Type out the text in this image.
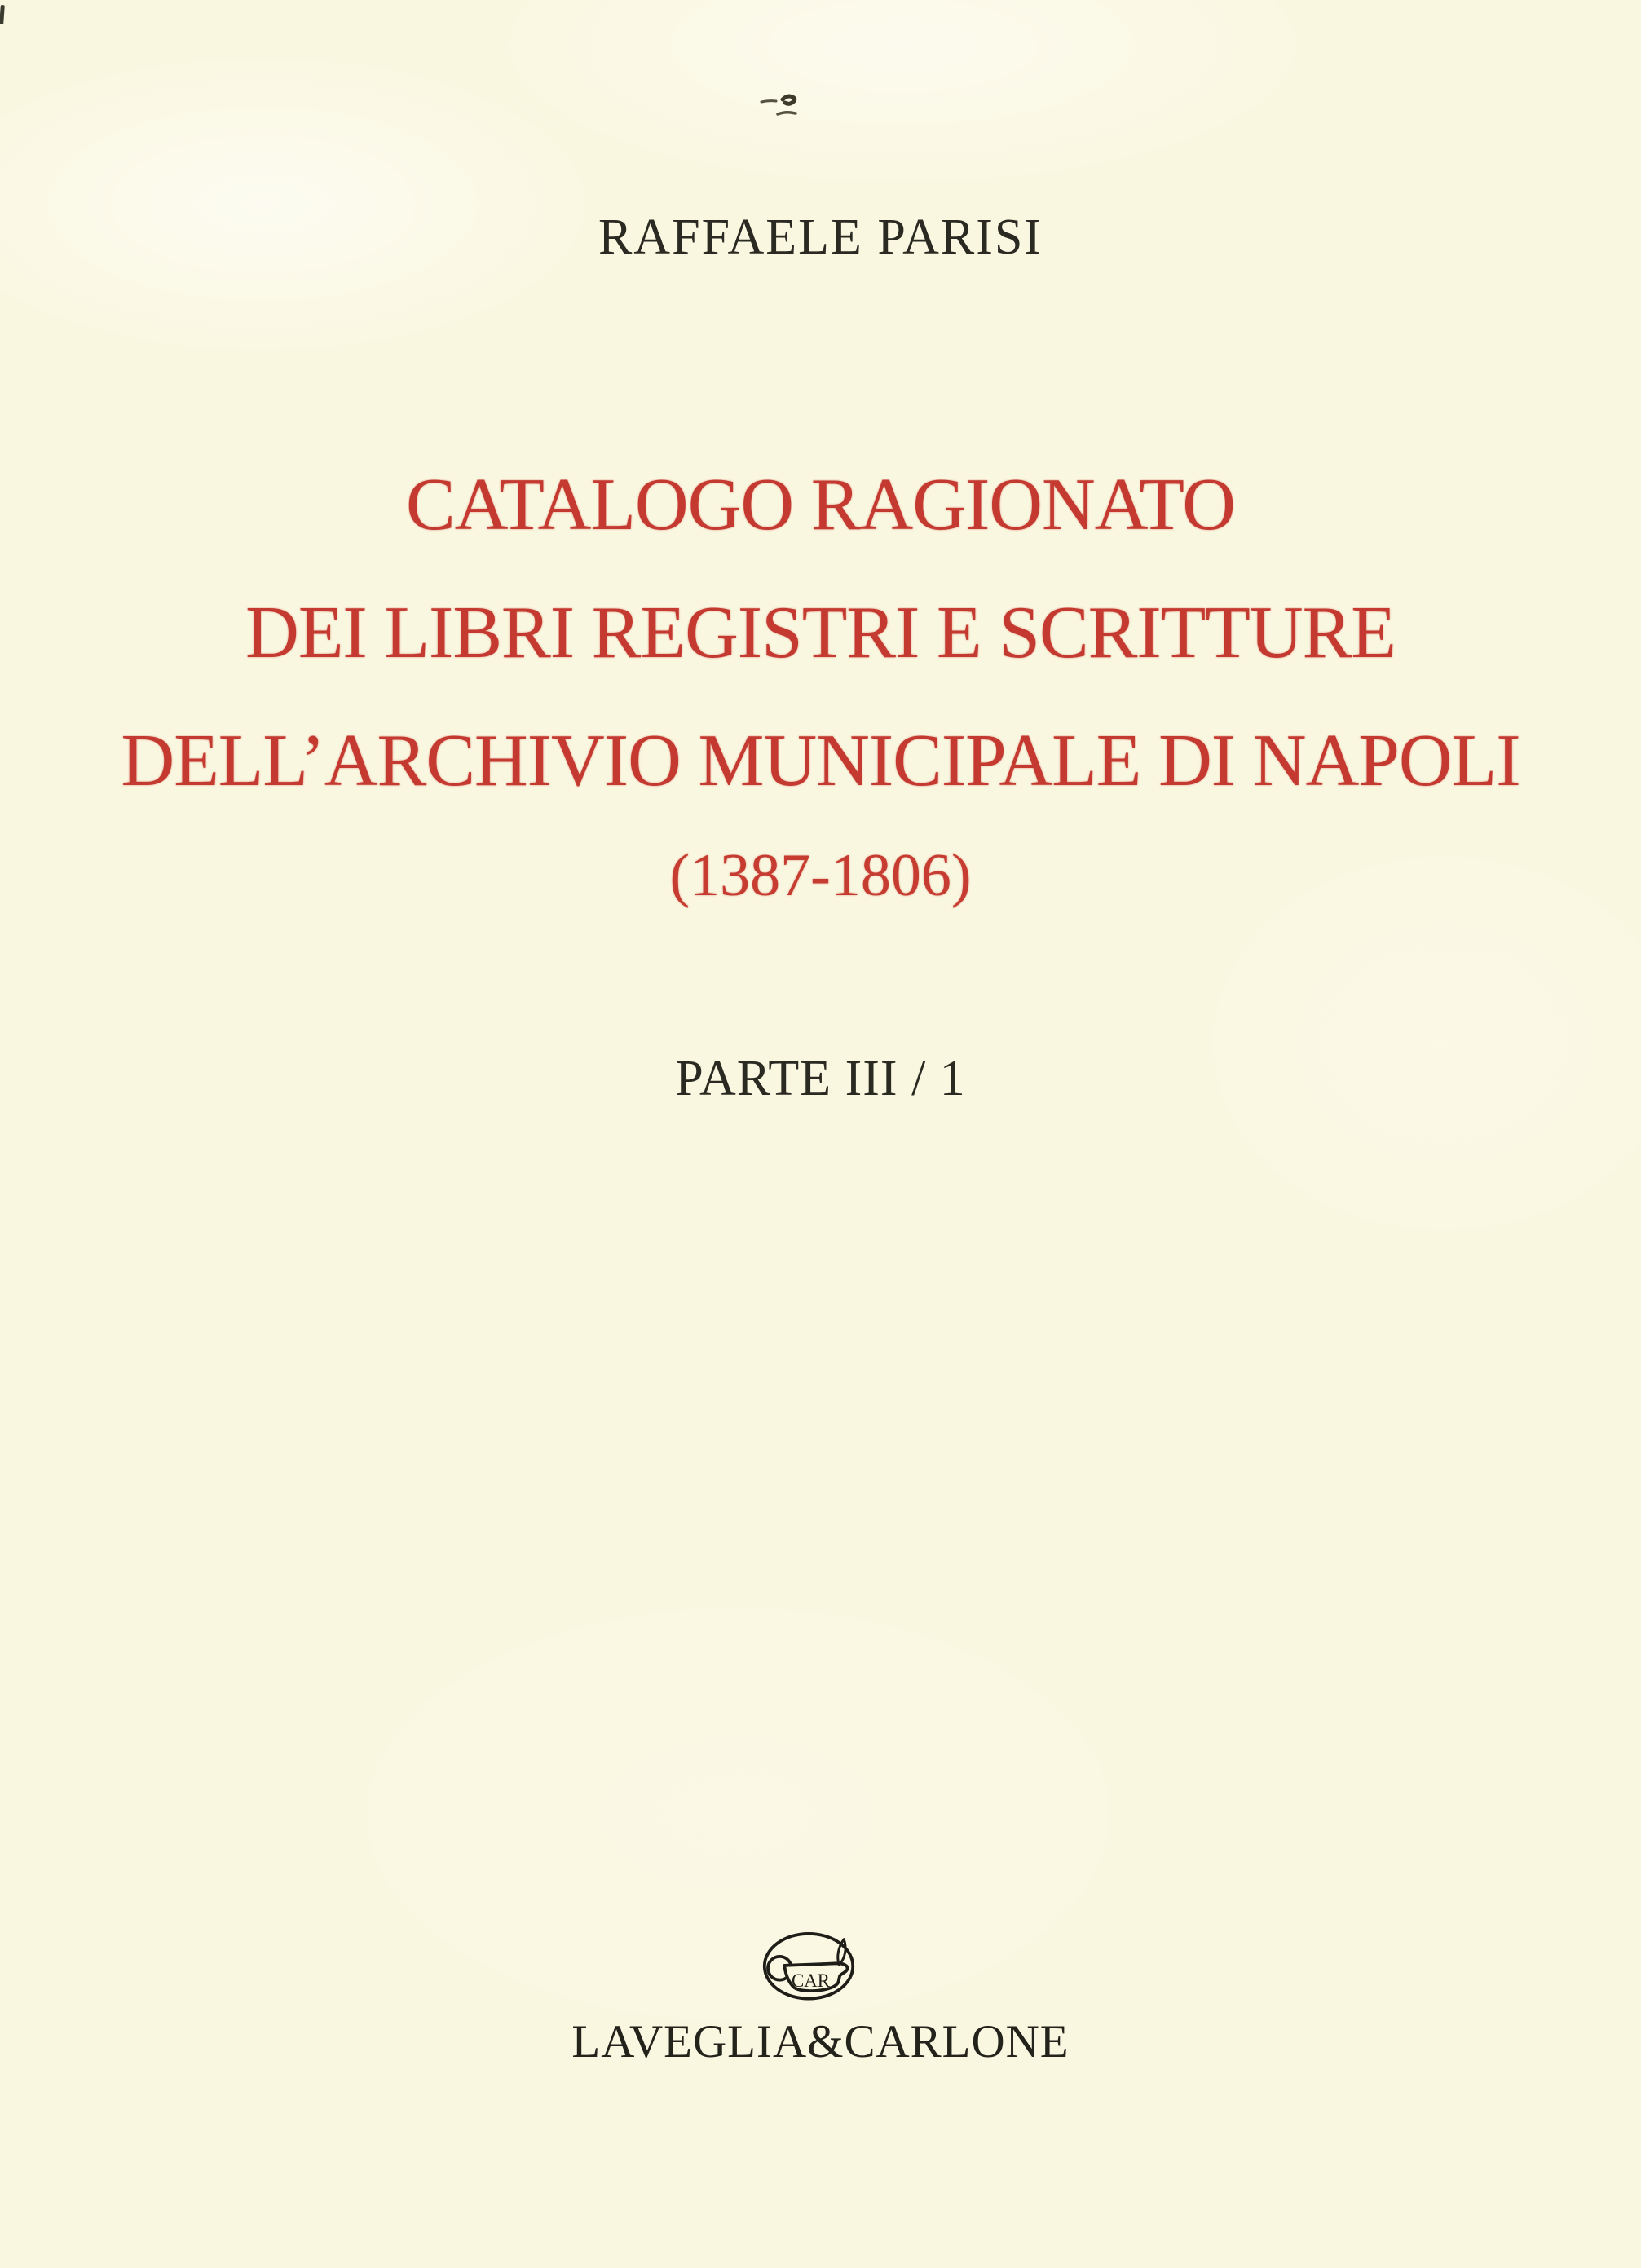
RAFFAELE PARISI
CATALOGO RAGIONATO
DEI LIBRI REGISTRI E SCRITTURE
DELL’ARCHIVIO MUNICIPALE DI NAPOLI
(1387-1806)
PARTE III / 1
CAR
LAVEGLIA&CARLONE
